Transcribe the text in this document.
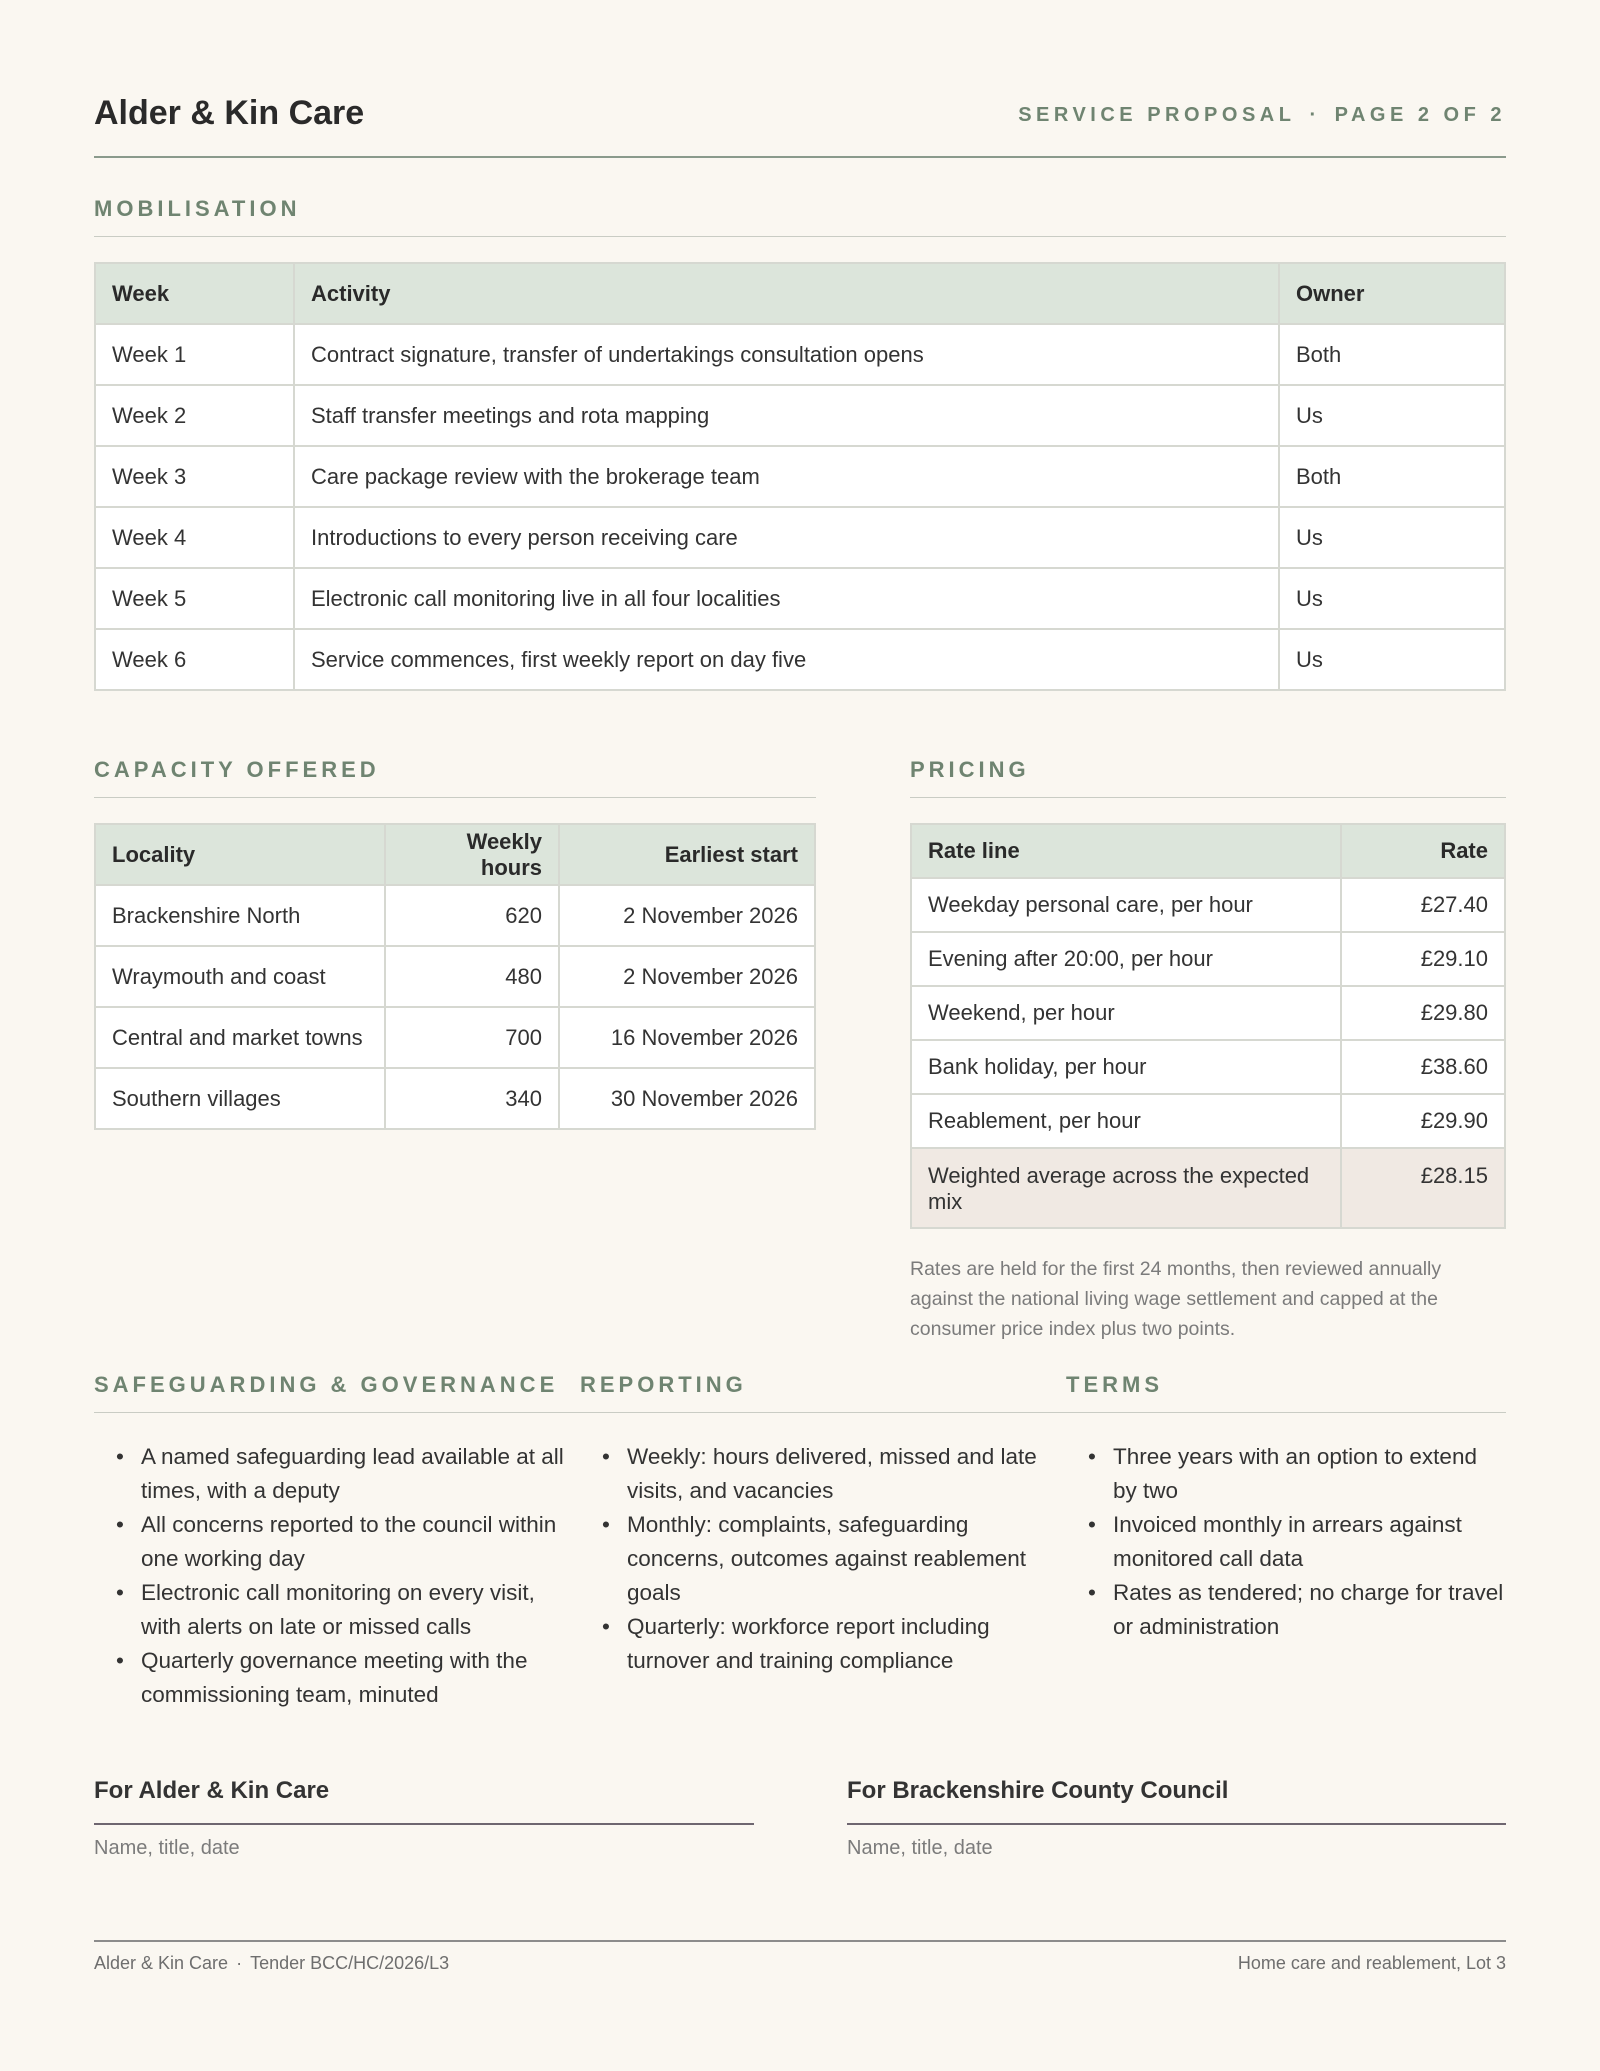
Alder & Kin Care	SERVICE PROPOSAL · PAGE 2 OF 2
MOBILISATION
Week	Activity	Owner
Week 1	Contract signature, transfer of undertakings consultation opens	Both
Week 2	Staff transfer meetings and rota mapping	Us
Week 3	Care package review with the brokerage team	Both
Week 4	Introductions to every person receiving care	Us
Week 5	Electronic call monitoring live in all four localities	Us
Week 6	Service commences, first weekly report on day five	Us
CAPACITY OFFERED
Locality	Weekly hours	Earliest start
Brackenshire North	620	2 November 2026
Wraymouth and coast	480	2 November 2026
Central and market towns	700	16 November 2026
Southern villages	340	30 November 2026
PRICING
Rate line	Rate
Weekday personal care, per hour	£27.40
Evening after 20:00, per hour	£29.10
Weekend, per hour	£29.80
Bank holiday, per hour	£38.60
Reablement, per hour	£29.90
Weighted average across the expected mix	£28.15
Rates are held for the first 24 months, then reviewed annually against the national living wage settlement and capped at the consumer price index plus two points.
SAFEGUARDING & GOVERNANCE REPORTING	TERMS
• A named safeguarding lead available at all times, with a deputy
• All concerns reported to the council within one working day
• Electronic call monitoring on every visit, with alerts on late or missed calls
• Quarterly governance meeting with the commissioning team, minuted
• Weekly: hours delivered, missed and late visits, and vacancies
• Monthly: complaints, safeguarding concerns, outcomes against reablement goals
• Quarterly: workforce report including turnover and training compliance
• Three years with an option to extend by two
• Invoiced monthly in arrears against monitored call data
• Rates as tendered; no charge for travel or administration
For Alder & Kin Care
Name, title, date
For Brackenshire County Council
Name, title, date
Alder & Kin Care · Tender BCC/HC/2026/L3	Home care and reablement, Lot 3
